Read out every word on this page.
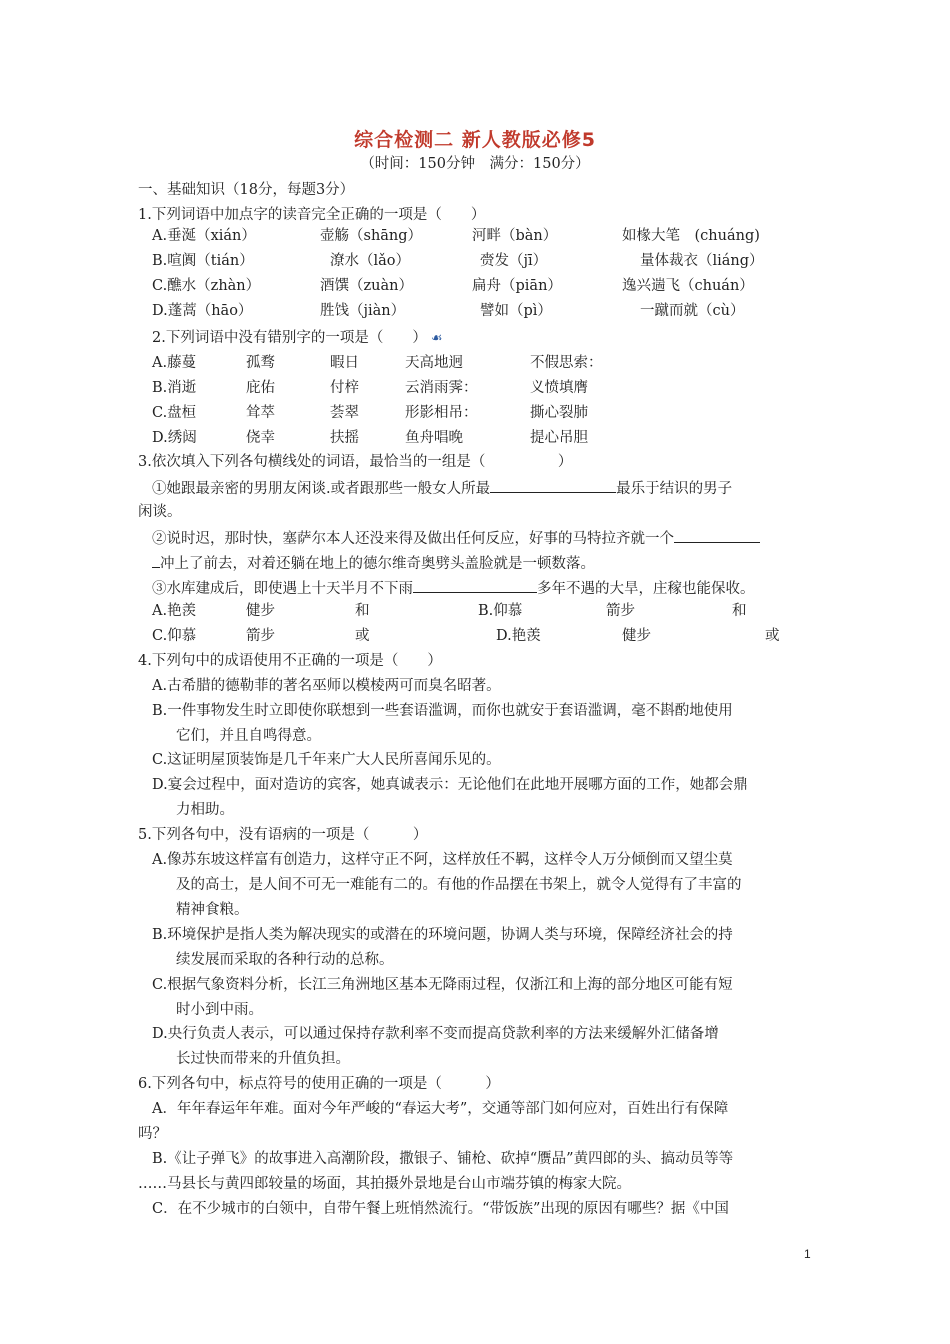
综合检测二 新人教版必修5
（时间：150分钟　满分：150分）
一、基础知识（18分，每题3分）
1.下列词语中加点字的读音完全正确的一项是（　　）
A.垂涎（xián）	壶觞（shāng）	河畔（bàn）	如椽大笔　(chuáng)
B.喧阗（tián）	潦水（lǎo）	赍发（jī）	量体裁衣（liáng）
C.醮水（zhàn）	酒馔（zuàn）	扁舟（piān）	逸兴遄飞（chuán）
D.蓬蒿（hāo）	胜饯（jiàn）	譬如（pì）	一蹴而就（cù）
2.下列词语中没有错别字的一项是（　　） ☙
A.藤蔓	孤骛	暇日	天高地迥	不假思索：
B.消逝	庇佑	付梓	云消雨霁：	义愤填膺
C.盘桓	耸萃	荟翠	形影相吊：	撕心裂肺
D.绣闼	侥幸	扶摇	鱼舟唱晚	提心吊胆
3.依次填入下列各句横线处的词语，最恰当的一组是（　　　　　）
①她跟最亲密的男朋友闲谈.或者跟那些一般女人所最	最乐于结识的男子
闲谈。
②说时迟，那时快，塞萨尔本人还没来得及做出任何反应，好事的马特拉齐就一个
冲上了前去，对着还躺在地上的德尔维奇奥劈头盖脸就是一顿数落。
③水库建成后，即使遇上十天半月不下雨	多年不遇的大旱，庄稼也能保收。
A.艳羡	健步	和	B.仰慕	箭步	和
C.仰慕	箭步	或	D.艳羡	健步	或
4.下列句中的成语使用不正确的一项是（　　）
A.古希腊的德勒菲的著名巫师以模棱两可而臭名昭著。
B.一件事物发生时立即使你联想到一些套语滥调，而你也就安于套语滥调，毫不斟酌地使用
它们，并且自鸣得意。
C.这证明屋顶装饰是几千年来广大人民所喜闻乐见的。
D.宴会过程中，面对造访的宾客，她真诚表示：无论他们在此地开展哪方面的工作，她都会鼎
力相助。
5.下列各句中，没有语病的一项是（　　　）
A.像苏东坡这样富有创造力，这样守正不阿，这样放任不羁，这样令人万分倾倒而又望尘莫
及的高士，是人间不可无一难能有二的。有他的作品摆在书架上，就令人觉得有了丰富的
精神食粮。
B.环境保护是指人类为解决现实的或潜在的环境问题，协调人类与环境，保障经济社会的持
续发展而采取的各种行动的总称。
C.根据气象资料分析，长江三角洲地区基本无降雨过程，仅浙江和上海的部分地区可能有短
时小到中雨。
D.央行负责人表示，可以通过保持存款利率不变而提高贷款利率的方法来缓解外汇储备增
长过快而带来的升值负担。
6.下列各句中，标点符号的使用正确的一项是（　　　）
A．年年春运年年难。面对今年严峻的“春运大考”，交通等部门如何应对，百姓出行有保障
吗？
B.《让子弹飞》的故事进入高潮阶段，撒银子、铺枪、砍掉“赝品”黄四郎的头、搞动员等等
……马县长与黄四郎较量的场面，其拍摄外景地是台山市端芬镇的梅家大院。
C．在不少城市的白领中，自带午餐上班悄然流行。“带饭族”出现的原因有哪些？据《中国
1
